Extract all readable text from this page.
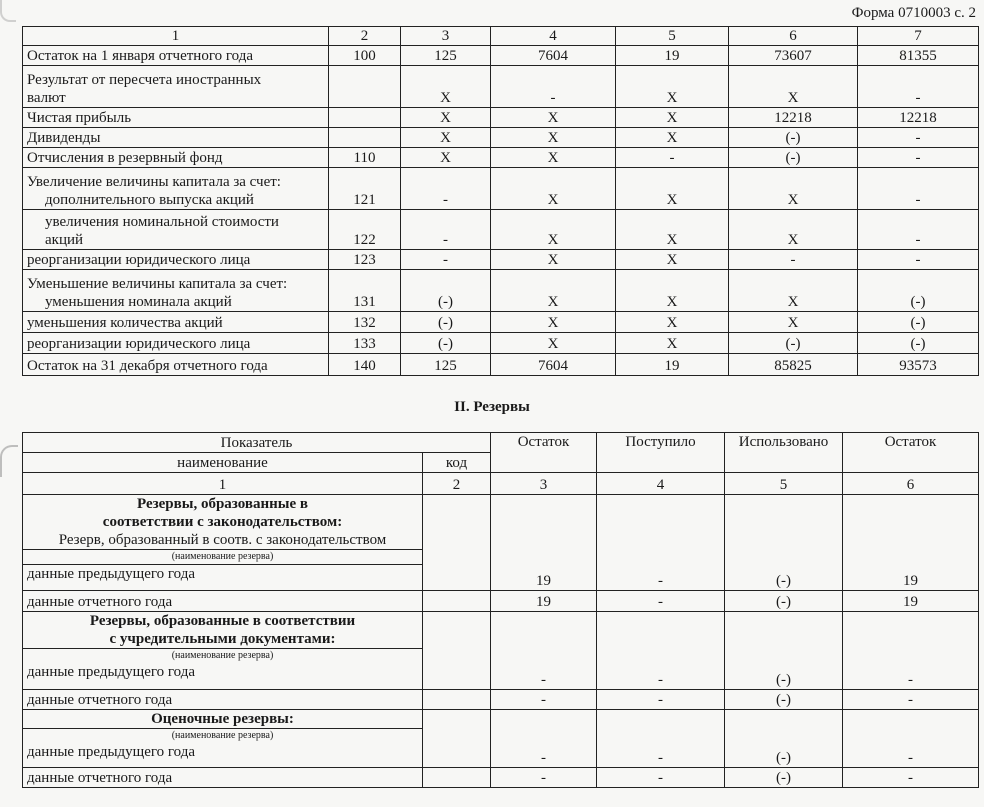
Форма 0710003 с. 2
1	2	3	4	5	6	7
Остаток на 1 января отчетного года	100	125	7604	19	73607	81355

Результат от пересчета иностранных
валют		X	-	X	X	-
Чистая прибыль		X	X	X	12218	12218
Дивиденды		X	X	X	(-)	-
Отчисления в резервный фонд	110	X	X	-	(-)	-

Увеличение величины капитала за счет:
дополнительного выпуска акций	121	-	X	X	X	-

увеличения номинальной стоимости
акций	122	-	X	X	X	-
реорганизации юридического лица	123	-	X	X	-	-

Уменьшение величины капитала за счет:
уменьшения номинала акций	131	(-)	X	X	X	(-)
уменьшения количества акций	132	(-)	X	X	X	(-)
реорганизации юридического лица	133	(-)	X	X	(-)	(-)
Остаток на 31 декабря отчетного года	140	125	7604	19	85825	93573
II. Резервы
Показатель		Остаток	Поступило	Использовано	Остаток
наименование	код				
1	2	3	4	5	6

Резервы, образованные в
соответствии с законодательством:
Резерв, образованный в соотв. с законодательством
(наименование резерва)
данные предыдущего года		19	-	(-)	19
данные отчетного года		19	-	(-)	19

Резервы, образованные в соответствии
с учредительными документами:
(наименование резерва)
данные предыдущего года		-	-	(-)	-
данные отчетного года		-	-	(-)	-

Оценочные резервы:
(наименование резерва)
данные предыдущего года		-	-	(-)	-
данные отчетного года		-	-	(-)	-
